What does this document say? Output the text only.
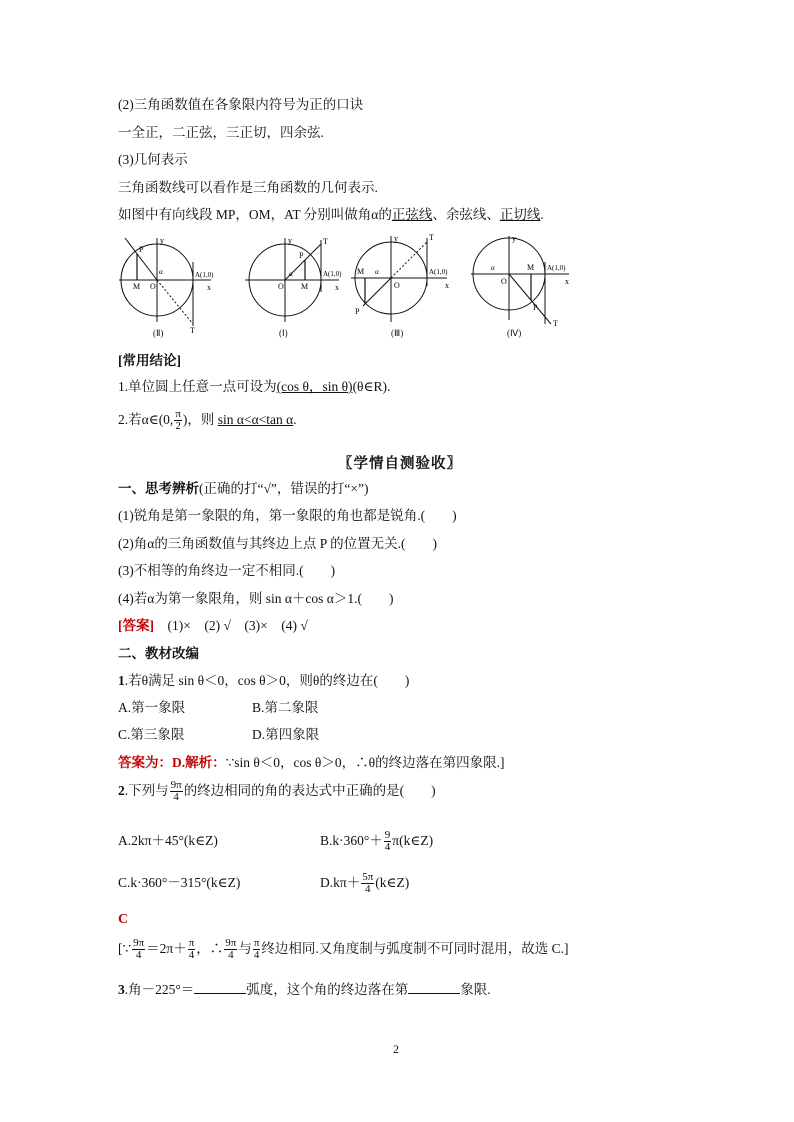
(2)三角函数值在各象限内符号为正的口诀
一全正，二正弦，三正切，四余弦.
(3)几何表示
三角函数线可以看作是三角函数的几何表示.
如图中有向线段 MP，OM，AT 分别叫做角α的正弦线、余弦线、正切线.
y
x
O
M
P
T
α	A(1,0)
(Ⅱ)
y
x
O M
P
T
α	A(1,0)
(Ⅰ)
y
x
O
M
P
T
α	A(1,0)
(Ⅲ)
y
x
O
M
P
T
α	A(1,0)
(Ⅳ)
[常用结论]
1.单位圆上任意一点可设为(cos θ，sin θ)(θ∈R).
2.若α∈(0, $\frac{\pi}{2}$ )，则 sin α<α<tan α.
〖学情自测验收〗
一、思考辨析(正确的打“√”，错误的打“×”)
(1)锐角是第一象限的角，第一象限的角也都是锐角.(　　)
(2)角α的三角函数值与其终边上点 P 的位置无关.(　　)
(3)不相等的角终边一定不相同.(　　)
(4)若α为第一象限角，则 sin α＋cos α＞1.(　　)
[答案]　 (1)×　(2) √　(3)×　(4) √
二、教材改编
1.若θ满足 sin θ＜0，cos θ＞0，则θ的终边在(　　)
A.第一象限	B.第二象限
C.第三象限	D.第四象限
答案为：D.解析：∵sin θ＜0，cos θ＞0，∴θ的终边落在第四象限.]
2.下列与 $\frac{9\pi}{4}$ 的终边相同的角的表达式中正确的是(　　)
A.2kπ＋45°(k∈Z)	$B.k\cdot 360^\circ+ \frac{9}{4}$ π(k∈Z)
C.k·360°－315°(k∈Z)	$D.k\pi+ \frac{5\pi}{4}$ (k∈Z)
C
[∵ $\frac{9\pi}{4} =2\pi+ \frac{\pi}{4}$ ，∴ $\frac{9\pi}{4}$ 与 $\frac{\pi}{4}$ 终边相同.又角度制与弧度制不可同时混用，故选 C.]
3.角－225°＝	弧度，这个角的终边落在第	象限.
2
